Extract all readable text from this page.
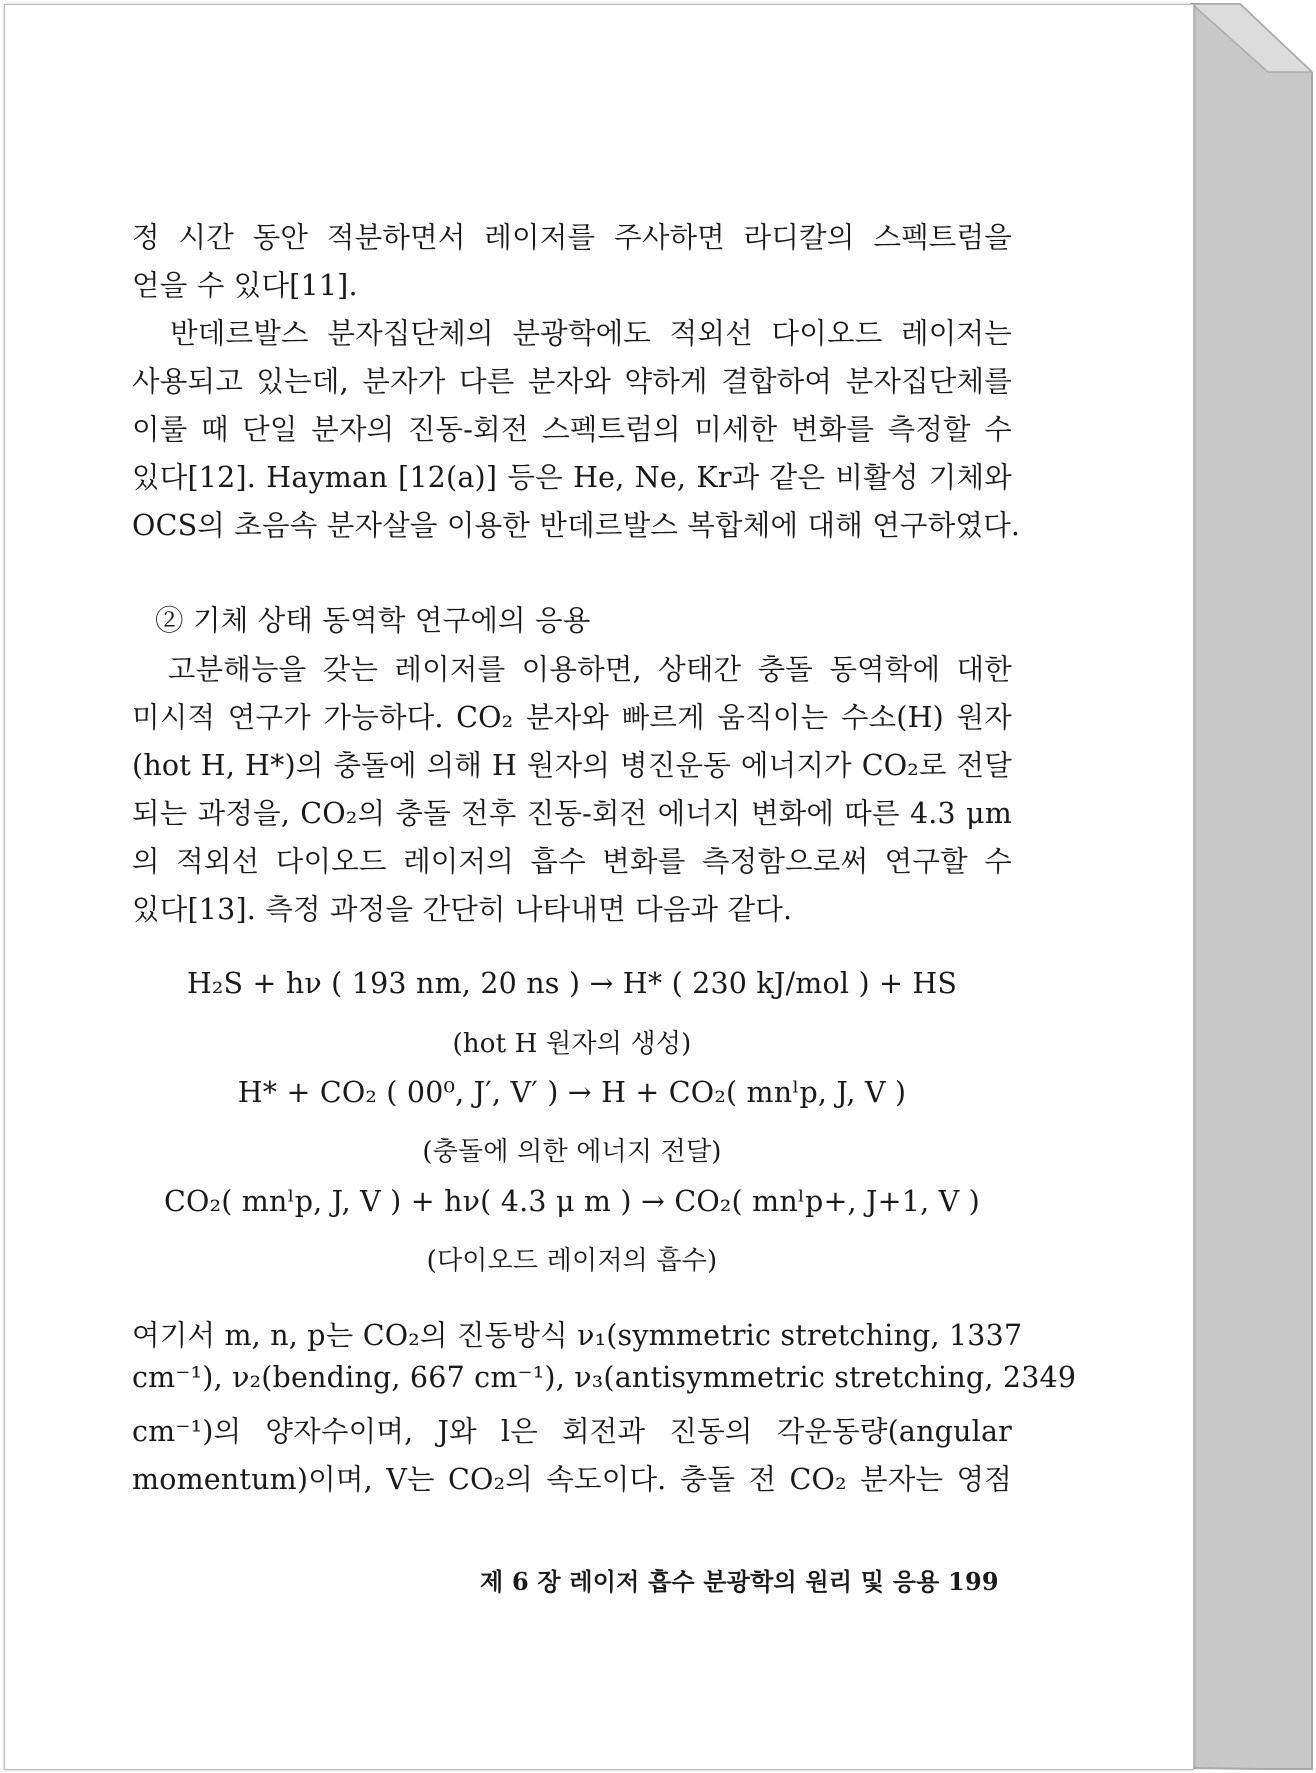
정 시간 동안 적분하면서 레이저를 주사하면 라디칼의 스펙트럼을
얻을 수 있다[11].
　반데르발스 분자집단체의 분광학에도 적외선 다이오드 레이저는
사용되고 있는데, 분자가 다른 분자와 약하게 결합하여 분자집단체를
이룰 때 단일 분자의 진동-회전 스펙트럼의 미세한 변화를 측정할 수
있다[12]. Hayman [12(a)] 등은 He, Ne, Kr과 같은 비활성 기체와
OCS의 초음속 분자살을 이용한 반데르발스 복합체에 대해 연구하였다.
② 기체 상태 동역학 연구에의 응용
　고분해능을 갖는 레이저를 이용하면, 상태간 충돌 동역학에 대한
미시적 연구가 가능하다. CO₂ 분자와 빠르게 움직이는 수소(H) 원자
(hot H, H*)의 충돌에 의해 H 원자의 병진운동 에너지가 CO₂로 전달
되는 과정을, CO₂의 충돌 전후 진동-회전 에너지 변화에 따른 4.3 μm
의 적외선 다이오드 레이저의 흡수 변화를 측정함으로써 연구할 수
있다[13]. 측정 과정을 간단히 나타내면 다음과 같다.
H₂S + hν ( 193 nm, 20 ns ) → H* ( 230 kJ/mol ) + HS
(hot H 원자의 생성)
H* + CO₂ ( 00⁰, J′, V′ ) → H + CO₂( mnˡp, J, V )
(충돌에 의한 에너지 전달)
CO₂( mnˡp, J, V ) + hν( 4.3 μ m ) → CO₂( mnˡp+, J+1, V )
(다이오드 레이저의 흡수)
여기서 m, n, p는 CO₂의 진동방식 ν₁(symmetric stretching, 1337
cm⁻¹), ν₂(bending, 667 cm⁻¹), ν₃(antisymmetric stretching, 2349
cm⁻¹)의 양자수이며, J와 l은 회전과 진동의 각운동량(angular
momentum)이며, V는 CO₂의 속도이다. 충돌 전 CO₂ 분자는 영점
제 6 장 레이저 흡수 분광학의 원리 및 응용 199
